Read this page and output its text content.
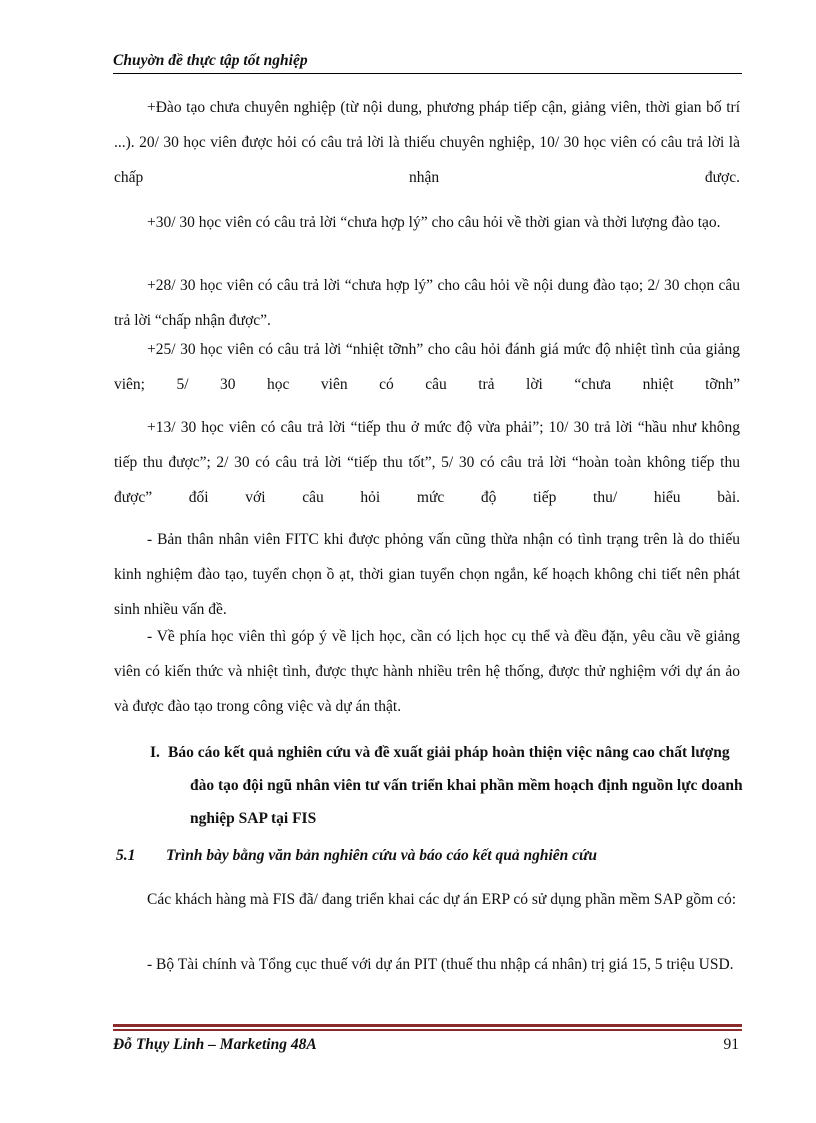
Chuyờn đề thực tập tốt nghiệp

+Đào tạo chưa chuyên nghiệp (từ nội dung, phương pháp tiếp cận, giảng viên, thời gian bố trí ...). 20/ 30 học viên được hỏi có câu trả lời là thiếu chuyên nghiệp, 10/ 30 học viên có câu trả lời là chấp nhận được.

+30/ 30 học viên có câu trả lời “chưa hợp lý” cho câu hỏi về thời gian và thời lượng đào tạo.

+28/ 30 học viên có câu trả lời “chưa hợp lý” cho câu hỏi về nội dung đào tạo; 2/ 30 chọn câu trả lời “chấp nhận được”.

+25/ 30 học viên có câu trả lời “nhiệt tỡnh” cho câu hỏi đánh giá mức độ nhiệt tình của giảng viên; 5/ 30 học viên có câu trả lời “chưa nhiệt tỡnh”

+13/ 30 học viên có câu trả lời “tiếp thu ở mức độ vừa phải”; 10/ 30 trả lời “hầu như không tiếp thu được”; 2/ 30 có câu trả lời “tiếp thu tốt”, 5/ 30 có câu trả lời “hoàn toàn không tiếp thu được” đối với câu hỏi mức độ tiếp thu/ hiểu bài.

- Bản thân nhân viên FITC khi được phỏng vấn cũng thừa nhận có tình trạng trên là do thiếu kinh nghiệm đào tạo, tuyển chọn ồ ạt, thời gian tuyển chọn ngắn, kế hoạch không chi tiết nên phát sinh nhiều vấn đề.

- Về phía học viên thì góp ý về lịch học, cần có lịch học cụ thể và đều đặn, yêu cầu về giảng viên có kiến thức và nhiệt tình, được thực hành nhiều trên hệ thống, được thử nghiệm với dự án ảo và được đào tạo trong công việc và dự án thật.

I. Báo cáo kết quả nghiên cứu và đề xuất giải pháp hoàn thiện việc nâng cao chất lượng đào tạo đội ngũ nhân viên tư vấn triển khai phần mềm hoạch định nguồn lực doanh nghiệp SAP tại FIS

5.1 Trình bày bằng văn bản nghiên cứu và báo cáo kết quả nghiên cứu

Các khách hàng mà FIS đã/ đang triển khai các dự án ERP có sử dụng phần mềm SAP gồm có:

- Bộ Tài chính và Tổng cục thuế với dự án PIT (thuế thu nhập cá nhân) trị giá 15, 5 triệu USD.

Đỗ Thụy Linh – Marketing 48A	91
